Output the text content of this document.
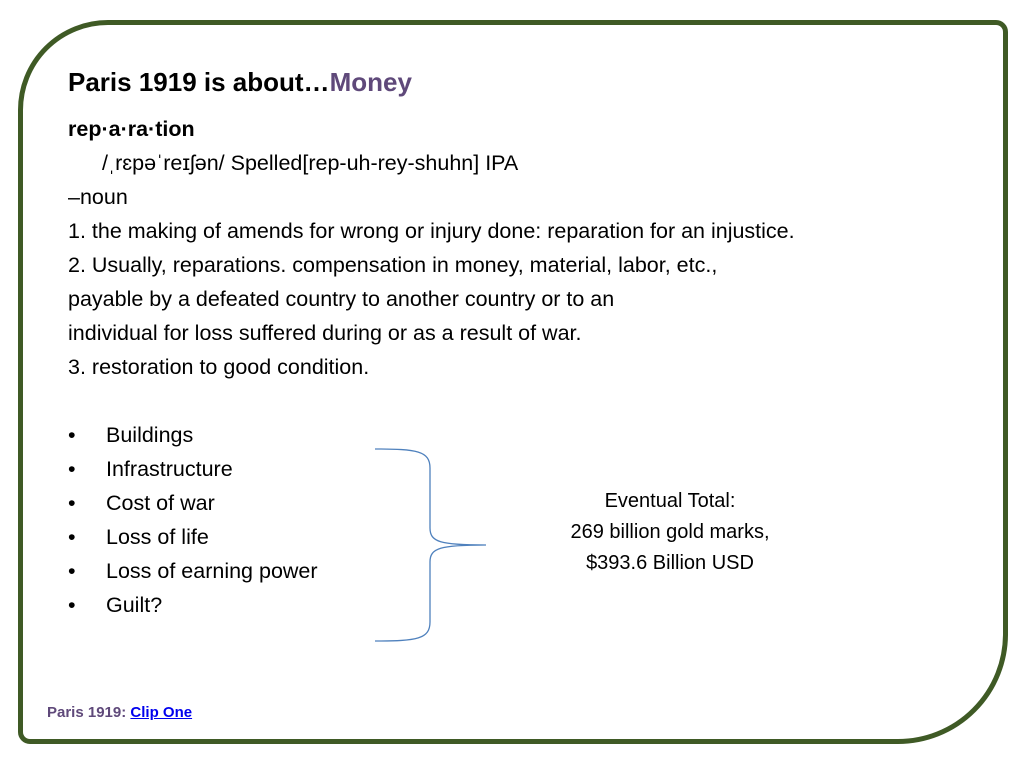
Paris 1919 is about…Money

rep·a·ra·tion
/ˌrɛpəˈreɪʃən/ Spelled[rep-uh-rey-shuhn] IPA
–noun
1. the making of amends for wrong or injury done: reparation for an injustice.
2. Usually, reparations. compensation in money, material, labor, etc.,
payable by a defeated country to another country or to an
individual for loss suffered during or as a result of war.
3. restoration to good condition.
• Buildings
• Infrastructure
• Cost of war
• Loss of life
• Loss of earning power
• Guilt?
Eventual Total:
269 billion gold marks,
$393.6 Billion USD
Paris 1919: Clip One
